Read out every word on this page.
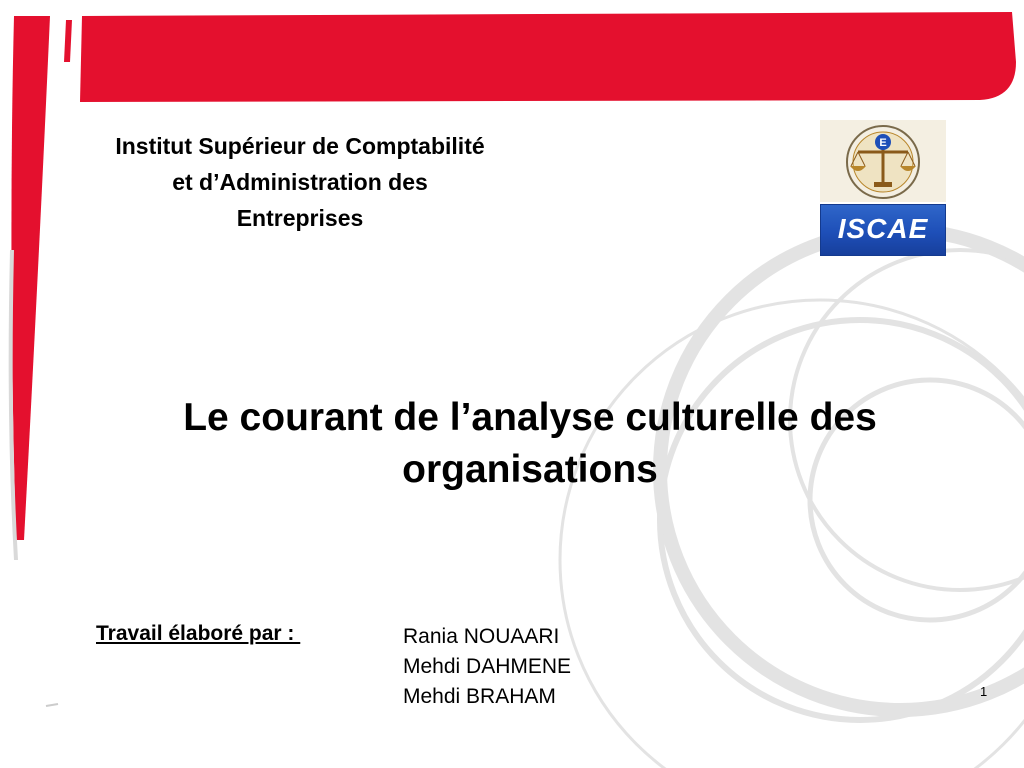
Institut Supérieur de Comptabilité
et d’Administration des
Entreprises
E
ISCAE
Le courant de l’analyse culturelle des
organisations
Travail élaboré par :	Rania NOUAARI
Mehdi DAHMENE
Mehdi BRAHAM	1
